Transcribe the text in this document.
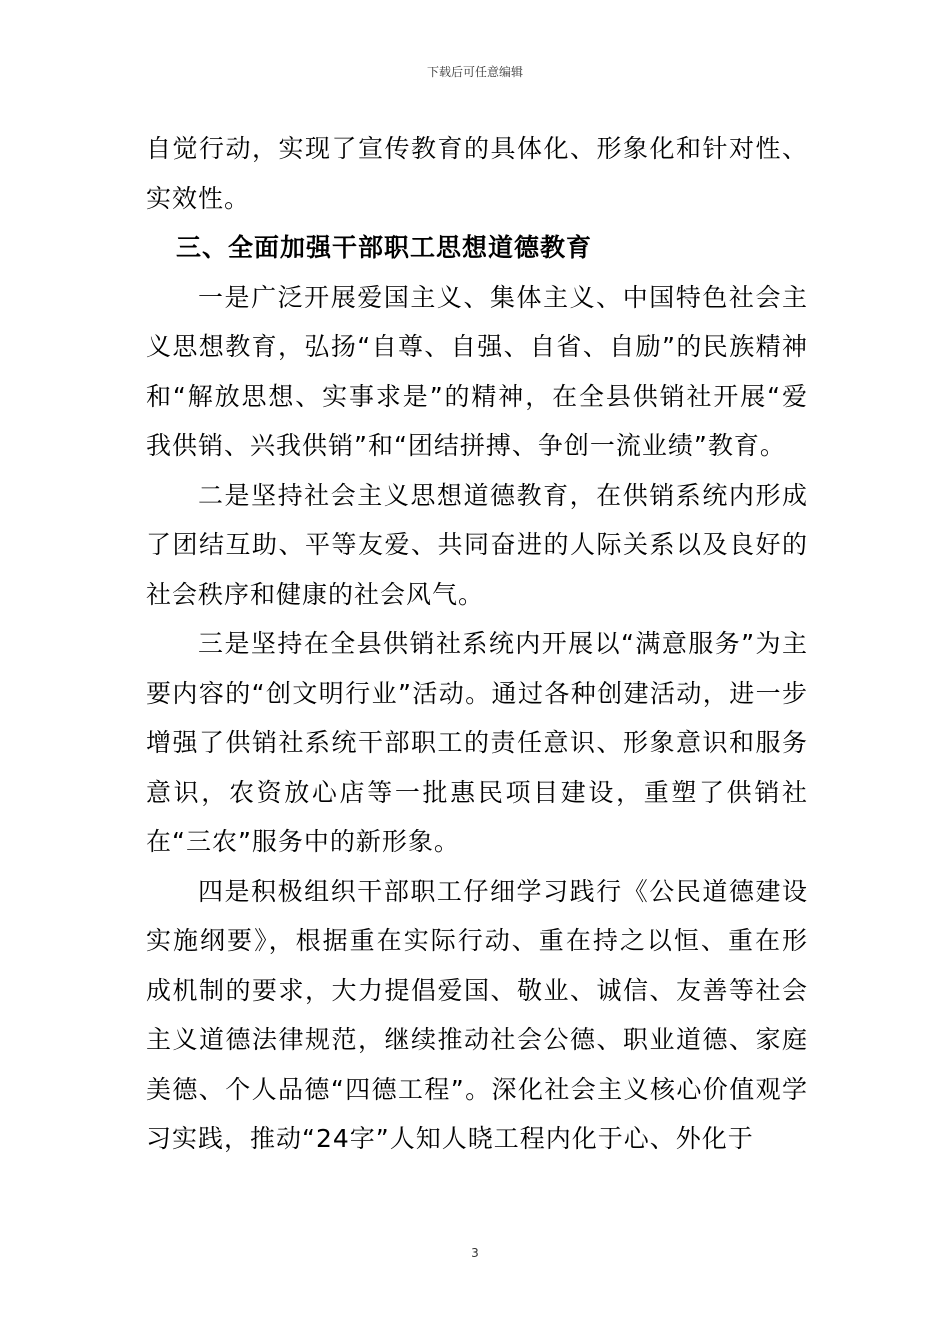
下载后可任意编辑

自觉行动，实现了宣传教育的具体化、形象化和针对性、实效性。

三、全面加强干部职工思想道德教育

一是广泛开展爱国主义、集体主义、中国特色社会主义思想教育，弘扬“自尊、自强、自省、自励”的民族精神和“解放思想、实事求是”的精神，在全县供销社开展“爱我供销、兴我供销”和“团结拼搏、争创一流业绩”教育。

二是坚持社会主义思想道德教育，在供销系统内形成了团结互助、平等友爱、共同奋进的人际关系以及良好的社会秩序和健康的社会风气。

三是坚持在全县供销社系统内开展以“满意服务”为主要内容的“创文明行业”活动。通过各种创建活动，进一步增强了供销社系统干部职工的责任意识、形象意识和服务意识，农资放心店等一批惠民项目建设，重塑了供销社在“三农”服务中的新形象。

四是积极组织干部职工仔细学习践行《公民道德建设实施纲要》，根据重在实际行动、重在持之以恒、重在形成机制的要求，大力提倡爱国、敬业、诚信、友善等社会主义道德法律规范，继续推动社会公德、职业道德、家庭美德、个人品德“四德工程”。深化社会主义核心价值观学习实践，推动“24字”人知人晓工程内化于心、外化于

3
